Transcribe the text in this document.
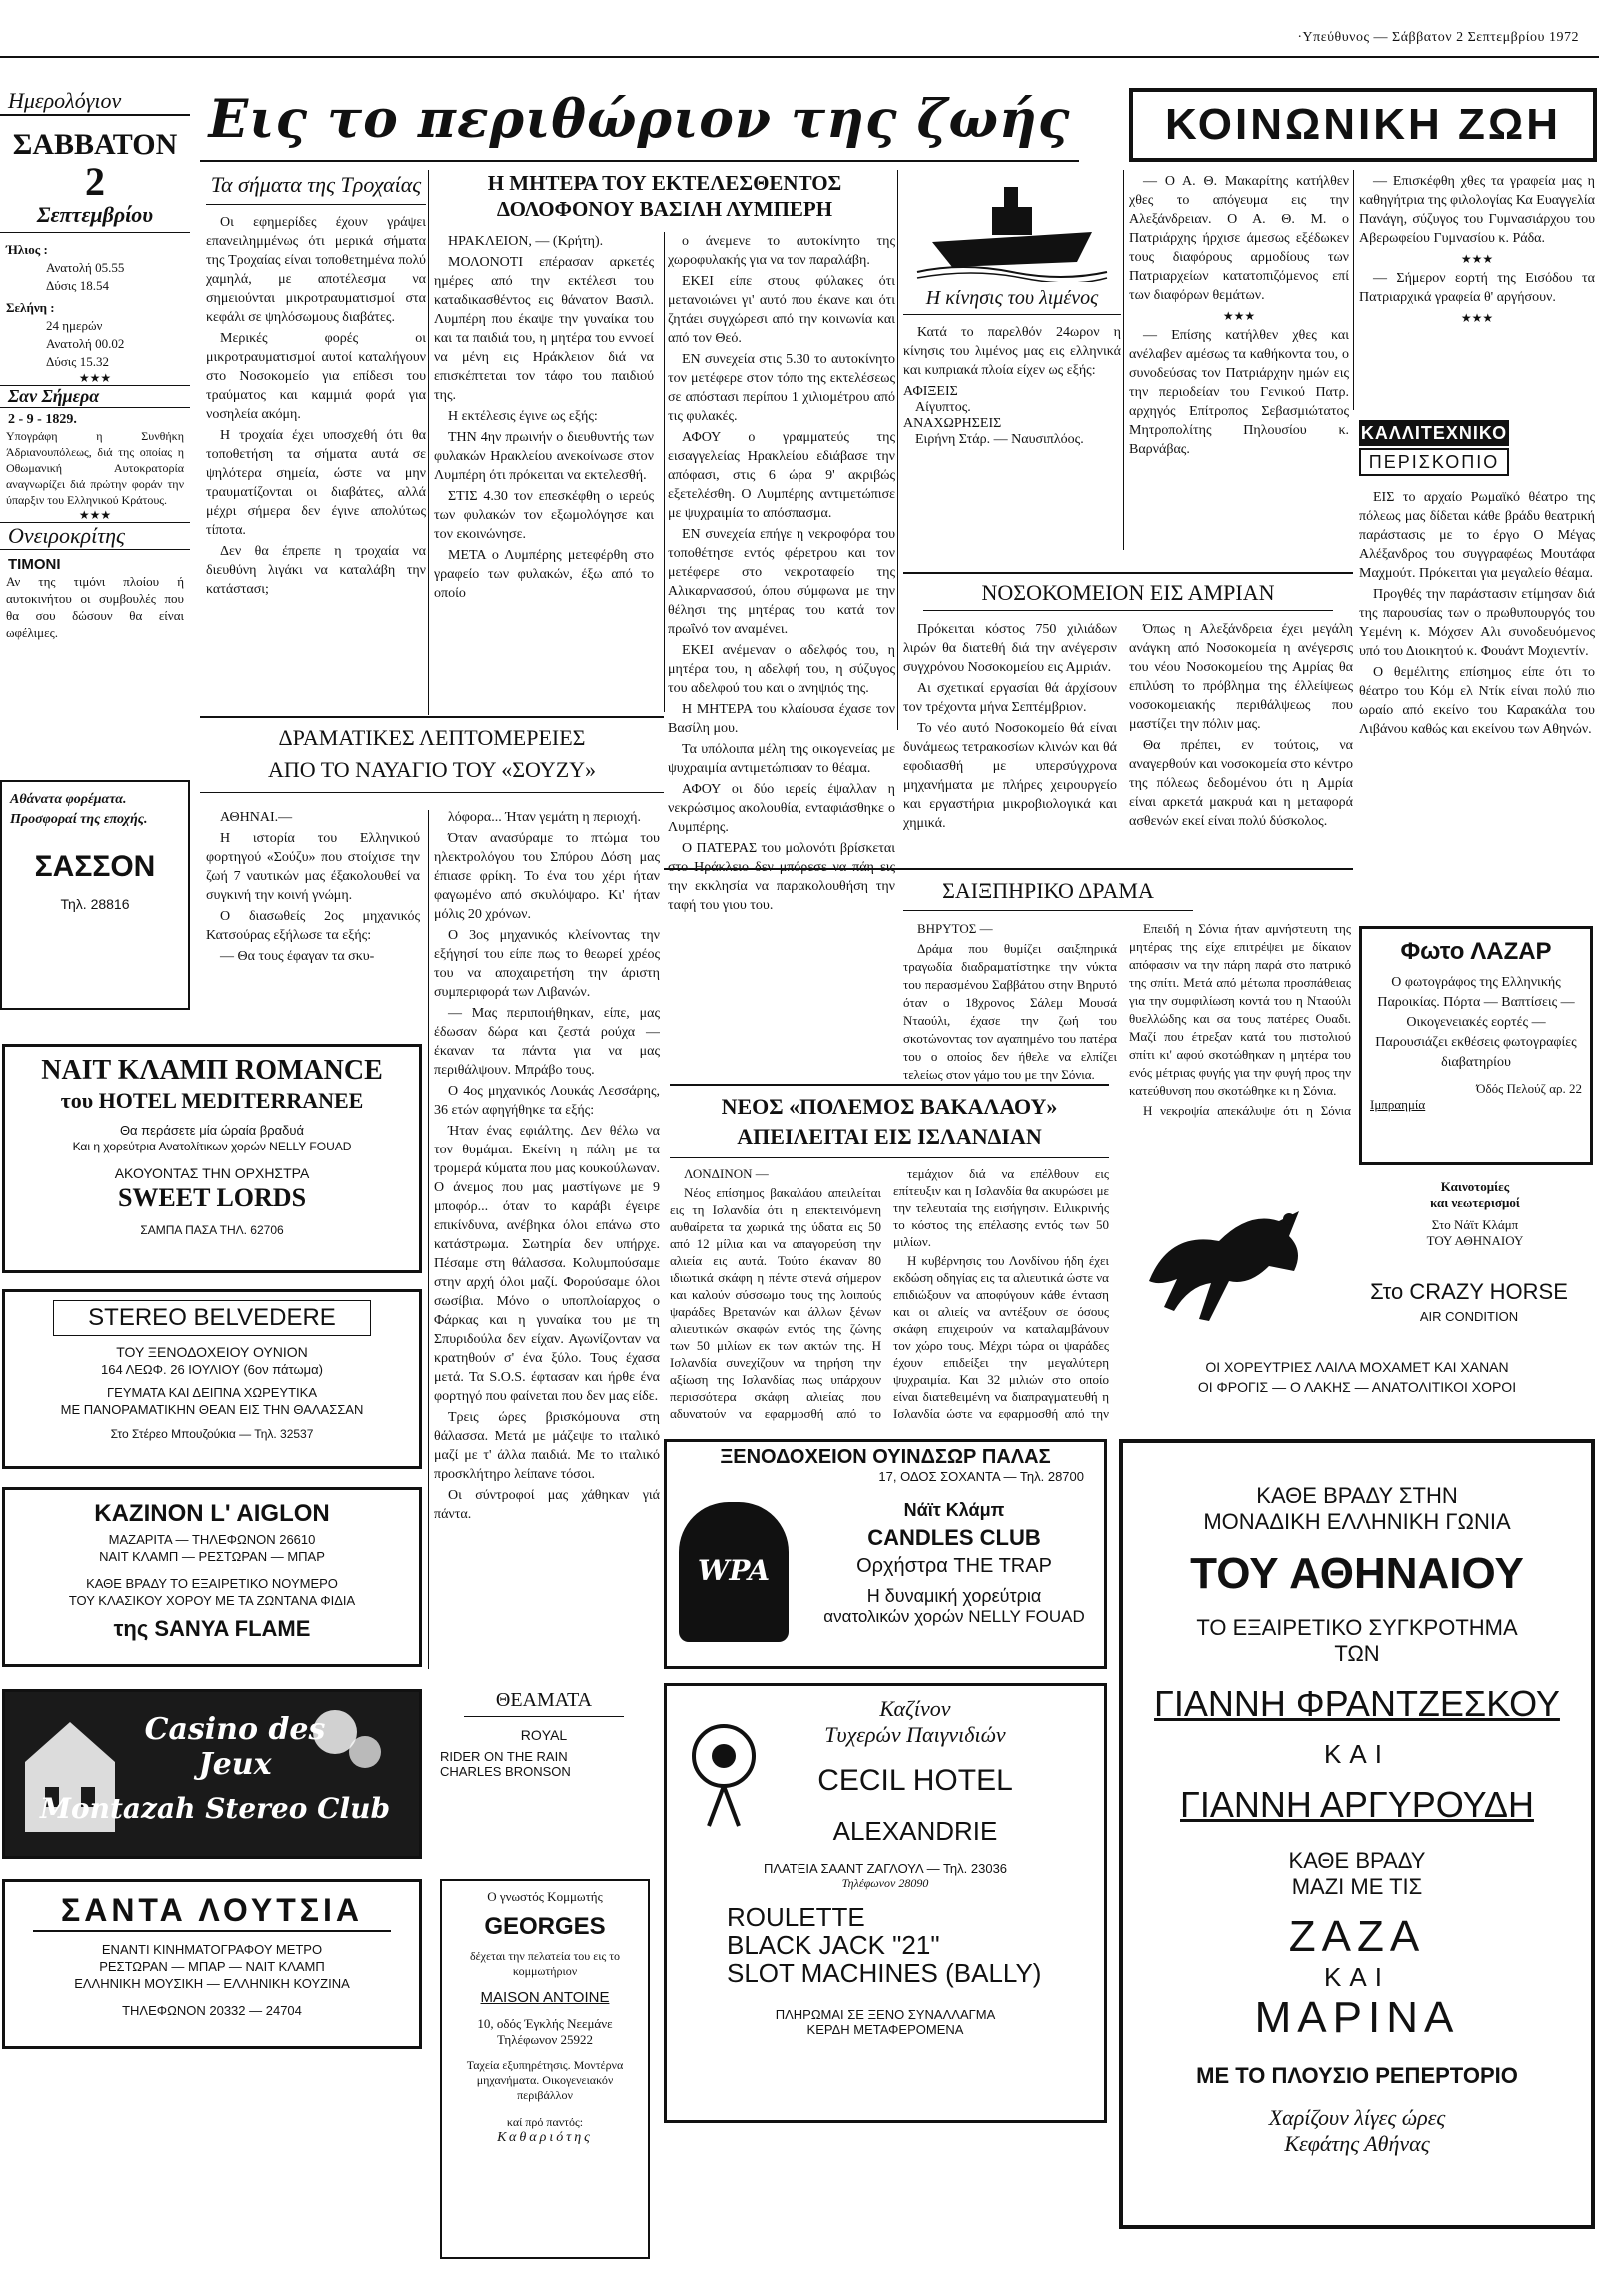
·Υπεύθυνος — Σάββατον 2 Σεπτεμβρίου 1972
Ημερολόγιον
ΣΑΒΒΑΤΟΝ
2
Σεπτεμβρίου
Ήλιος :
Ανατολή 05.55
Δύσις 18.54
Σελήνη :
24 ημερών
Ανατολή 00.02
Δύσις 15.32
★★★
Σαν Σήμερα
2 - 9 - 1829.
Υπογράφη η Συνθήκη Άδριανουπόλεως, διά της οποίας η Οθωμανική Αυτοκρατορία αναγνωρίζει διά πρώτην φοράν την ύπαρξιν του Ελληνικού Κράτους.
★★★
Ονειροκρίτης
ΤΙΜΟΝΙ
Αν της τιμόνι πλοίου ή αυτοκινήτου οι συμβουλές που θα σου δώσουν θα είναι ωφέλιμες.
Αθάνατα φορέματα. Προσφοραί της εποχής.
ΣΑΣΣΟΝ
Τηλ. 28816
Εις το περιθώριον της ζωής	ΚΟΙΝΩΝΙΚΗ ΖΩΗ
Τα σήματα της Τροχαίας

Οι εφημερίδες έχουν γράψει επανειλημμένως ότι μερικά σήματα της Τροχαίας είναι τοποθετημένα πολύ χαμηλά, με αποτέλεσμα να σημειούνται μικροτραυματισμοί στα κεφάλι σε ψηλόσωμους διαβάτες.

Μερικές φορές οι μικροτραυματισμοί αυτοί καταλήγουν στο Νοσοκομείο για επίδεσι του τραύματος και καμμιά φορά για νοσηλεία ακόμη.

Η τροχαία έχει υποσχεθή ότι θα τοποθετήση τα σήματα αυτά σε ψηλότερα σημεία, ώστε να μην τραυματίζονται οι διαβάτες, αλλά μέχρι σήμερα δεν έγινε απολύτως τίποτα.

Δεν θα έπρεπε η τροχαία να διευθύνη λιγάκι να καταλάβη την κατάστασι;

Η ΜΗΤΕΡΑ ΤΟΥ ΕΚΤΕΛΕΣΘΕΝΤΟΣ ΔΟΛΟΦΟΝΟΥ ΒΑΣΙΛΗ ΛΥΜΠΕΡΗ

ΗΡΑΚΛΕΙΟΝ, — (Κρήτη).

ΜΟΛΟΝΟΤΙ επέρασαν αρκετές ημέρες από την εκτέλεσι του καταδικασθέντος εις θάνατον Βασιλ. Λυμπέρη που έκαψε την γυναίκα του και τα παιδιά του, η μητέρα του εννοεί να μένη εις Ηράκλειον διά να επισκέπτεται τον τάφο του παιδιού της.

Η εκτέλεσις έγινε ως εξής:

ΤΗΝ 4ην πρωινήν ο διευθυντής των φυλακών Ηρακλείου ανεκοίνωσε στον Λυμπέρη ότι πρόκειται να εκτελεσθή.

ΣΤΙΣ 4.30 τον επεσκέφθη ο ιερεύς των φυλακών τον εξωμολόγησε και τον εκοινώνησε.

ΜΕΤΑ ο Λυμπέρης μετεφέρθη στο γραφείο των φυλακών, έξω από το οποίο

ο άνεμενε το αυτοκίνητο της χωροφυλακής για να τον παραλάβη.

ΕΚΕΙ είπε στους φύλακες ότι μετανοιώνει γι' αυτό που έκανε και ότι ζητάει συγχώρεσι από την κοινωνία και από τον Θεό.

ΕΝ συνεχεία στις 5.30 το αυτοκίνητο τον μετέφερε στον τόπο της εκτελέσεως σε απόστασι περίπου 1 χιλιομέτρου από τις φυλακές.

ΑΦΟΥ ο γραμματεύς της εισαγγελείας Ηρακλείου εδιάβασε την απόφασι, στις 6 ώρα 9' ακριβώς εξετελέσθη. Ο Λυμπέρης αντιμετώπισε με ψυχραιμία το απόσπασμα.

ΕΝ συνεχεία επήγε η νεκροφόρα του τοποθέτησε εντός φέρετρου και τον μετέφερε στο νεκροταφείο της Αλικαρνασσού, όπου σύμφωνα με την θέλησι της μητέρας του κατά τον πρωΐνό τον αναμένει.

ΕΚΕΙ ανέμεναν ο αδελφός του, η μητέρα του, η αδελφή του, η σύζυγος του αδελφού του και ο ανηψιός της.

Η ΜΗΤΕΡΑ του κλαίουσα έχασε τον Βασίλη μου.

Τα υπόλοιπα μέλη της οικογενείας με ψυχραιμία αντιμετώπισαν το θέαμα.

ΑΦΟΥ οι δύο ιερείς έψαλλαν η νεκρώσιμος ακολουθία, ενταφιάσθηκε ο Λυμπέρης.

Ο ΠΑΤΕΡΑΣ του μολονότι βρίσκεται την εκκλησία να παρακολουθήση την ταφή του γιου του.

ΔΡΑΜΑΤΙΚΕΣ ΛΕΠΤΟΜΕΡΕΙΕΣ
ΑΠΟ ΤΟ ΝΑΥΑΓΙΟ ΤΟΥ «ΣΟΥΖΥ»

ΑΘΗΝΑΙ.—

Η ιστορία του Ελληνικού φορτηγού «Σούζυ» που στοίχισε την ζωή 7 ναυτικών μας έξακολουθεί να συγκινή την κοινή γνώμη.

Ο διασωθείς 2ος μηχανικός Κατσούρας εξήλωσε τα εξής:

— Θα τους έφαγαν τα σκυ-

λόφορα... Ήταν γεμάτη η περιοχή.

Όταν ανασύραμε το πτώμα του ηλεκτρολόγου του Σπύρου Δόση μας έπιασε φρίκη. Το ένα του χέρι ήταν φαγωμένο από σκυλόψαρο. Κι' ήταν μόλις 20 χρόνων.

Ο 3ος μηχανικός κλείνοντας την εξήγησί του είπε πως το θεωρεί χρέος του να αποχαιρετήση την άριστη συμπεριφορά των Λιβανών.

— Μας περιποιήθηκαν, είπε, μας έδωσαν δώρα και ζεστά ρούχα — έκαναν τα πάντα για να μας περιθάλψουν. Μπράβο τους.

Ο 4ος μηχανικός Λουκάς Λεσσάρης, 36 ετών αφηγήθηκε τα εξής:

Ήταν ένας εφιάλτης. Δεν θέλω να τον θυμάμαι. Εκείνη η πάλη με τα τρομερά κύματα που μας κουκούλωναν. Ο άνεμος που μας μαστίγωνε με 9 μποφόρ... όταν το καράβι έγειρε επικίνδυνα, ανέβηκα όλοι επάνω στο κατάστρωμα. Σωτηρία δεν υπήρχε. Πέσαμε στη θάλασσα. Κολυμπούσαμε στην αρχή όλοι μαζί. Φορούσαμε όλοι σωσίβια. Μόνο ο υποπλοίαρχος ο Φάρκας και η γυναίκα του με τη Σπυριδούλα δεν είχαν. Αγωνίζονταν να κρατηθούν σ' ένα ξύλο. Τους έχασα μετά. Τα S.O.S. έφτασαν και ήρθε ένα φορτηγό που φαίνεται που δεν μας είδε.

Τρεις ώρες βρισκόμουνα στη θάλασσα. Μετά με μάζεψε το ιταλικό μαζί με τ' άλλα παιδιά. Με το ιταλικό προσκλήτηρο λείπανε τόσοι.

Οι σύντροφοί μας χάθηκαν γιά πάντα.

ΝΑΙΤ ΚΛΑΜΠ ROMANCE
του HOTEL MEDITERRANEE
Θα περάσετε μία ώραία βραδυά
Και η χορεύτρια Ανατολίτικων χορών NELLY FOUAD
ΑΚΟΥΟΝΤΑΣ ΤΗΝ ΟΡΧΗΣΤΡΑ
SWEET LORDS
ΣΑΜΠΑ ΠΑΣΑ ΤΗΛ. 62706
STEREO BELVEDERE
ΤΟΥ ΞΕΝΟΔΟΧΕΙΟΥ ΟΥΝΙΟΝ
164 ΛΕΩΦ. 26 ΙΟΥΛΙΟΥ (6ον πάτωμα)
ΓΕΥΜΑΤΑ ΚΑΙ ΔΕΙΠΝΑ ΧΩΡΕΥΤΙΚΑ
ΜΕ ΠΑΝΟΡΑΜΑΤΙΚΗΝ ΘΕΑΝ ΕΙΣ ΤΗΝ ΘΑΛΑΣΣΑΝ
Στο Στέρεο Μπουζούκια — Τηλ. 32537
ΚΑΖΙΝΟΝ L' AIGLON
ΜΑΖΑΡΙΤΑ — ΤΗΛΕΦΩΝΟΝ 26610
ΝΑΙΤ ΚΛΑΜΠ — ΡΕΣΤΩΡΑΝ — ΜΠΑΡ
ΚΑΘΕ ΒΡΑΔΥ ΤΟ ΕΞΑΙΡΕΤΙΚΟ ΝΟΥΜΕΡΟ
ΤΟΥ ΚΛΑΣΙΚΟΥ ΧΟΡΟΥ ΜΕ ΤΑ ΖΩΝΤΑΝΑ ΦΙΔΙΑ
της SANYA FLAME
Casino des Jeux
Montazah Stereo Club
ΣΑΝΤΑ ΛΟΥΤΣΙΑ
ΕΝΑΝΤΙ ΚΙΝΗΜΑΤΟΓΡΑΦΟΥ ΜΕΤΡΟ
ΡΕΣΤΩΡΑΝ — ΜΠΑΡ — ΝΑΙΤ ΚΛΑΜΠ
ΕΛΛΗΝΙΚΗ ΜΟΥΣΙΚΗ — ΕΛΛΗΝΙΚΗ ΚΟΥΖΙΝΑ
ΤΗΛΕΦΩΝΟΝ 20332 — 24704
ΘΕΑΜΑΤΑ
ROYAL
RIDER ON THE RAIN
CHARLES BRONSON
Ο γνωστός Κομμωτής
GEORGES
δέχεται την πελατεία του εις το κομμωτήριον
MAISON ANTOINE
10, οδός Έγκλής Νεεμάνε
Τηλέφωνον 25922
Ταχεία εξυπηρέτησις. Μοντέρνα μηχανήματα. Οικογενειακόν περιβάλλον
καί πρό παντός:
Καθαριότης
Η κίνησις του λιμένος
Κατά το παρελθόν 24ωρον η κίνησις του λιμένος μας εις ελληνικά και κυπριακά πλοία είχεν ως εξής:
ΑΦΙΞΕΙΣ
Αίγυπτος.
ΑΝΑΧΩΡΗΣΕΙΣ
Ειρήνη Στάρ. — Ναυσιπλόος.

— Ο Α. Θ. Μακαρίτης κατήλθεν χθες το απόγευμα εις την Αλεξάνδρειαν. Ο Α. Θ. Μ. ο Πατριάρχης ήρχισε άμεσως εξέδωκεν τους διαφόρους αρμοδίους των Πατριαρχείων κατατοπιζόμενος επί των διαφόρων θεμάτων.

★★★

— Επίσης κατήλθεν χθες και ανέλαβεν αμέσως τα καθήκοντα του, ο συνοδεύσας τον Πατριάρχην ημών εις την περιοδείαν του Γενικού Πατρ. αρχηγός Επίτροπος Σεβασμιώτατος Μητροπολίτης Πηλουσίου κ. Βαρνάβας.

— Επισκέφθη χθες τα γραφεία μας η καθηγήτρια της φιλολογίας Κα Ευαγγελία Πανάγη, σύζυγος του Γυμνασιάρχου του Αβερωφείου Γυμνασίου κ. Ράδα.

★★★

— Σήμερον εορτή της Εισόδου τα Πατριαρχικά γραφεία θ' αργήσουν.

★★★
ΚΑΛΛΙΤΕΧΝΙΚΟ
ΠΕΡΙΣΚΟΠΙΟ

ΕΙΣ το αρχαίο Ρωμαϊκό θέατρο της πόλεως μας δίδεται κάθε βράδυ θεατρική παράστασις με το έργο Ο Μέγας Αλέξανδρος του συγγραφέως Μουτάφα Μαχμούτ. Πρόκειται για μεγαλείο θέαμα.

Προγθές την παράστασιν ετίμησαν διά της παρουσίας των ο πρωθυπουργός του Υεμένη κ. Μόχσεν Αλι συνοδευόμενος υπό του Διοικητού κ. Φουάντ Μοχιεντίν.

Ο θεμέλιτης επίσημος είπε ότι το θέατρο του Κόμ ελ Ντίκ είναι πολύ πιο ωραίο από εκείνο του Καρακάλα του Λιβάνου καθώς και εκείνου των Αθηνών.

ΝΟΣΟΚΟΜΕΙΟΝ ΕΙΣ ΑΜΡΙΑΝ

Πρόκειται κόστος 750 χιλιάδων λιρών θα διατεθή διά την ανέγερσιν συγχρόνου Νοσοκομείου εις Αμριάν.

Αι σχετικαί εργασίαι θά άρχίσουν τον τρέχοντα μήνα Σεπτέμβριον.

Το νέο αυτό Νοσοκομείο θά είναι δυνάμεως τετρακοσίων κλινών και θά εφοδιασθή με υπερσύγχρονα μηχανήματα με πλήρες χειρουργείο και εργαστήρια μικροβιολογικά και χημικά.

Όπως η Αλεξάνδρεια έχει μεγάλη ανάγκη από Νοσοκομεία η ανέγερσις του νέου Νοσοκομείου της Αμρίας θα επιλύση το πρόβλημα της έλλείψεως νοσοκομειακής περιθάλψεως που μαστίζει την πόλιν μας.

Θα πρέπει, εν τούτοις, να αναγερθούν και νοσοκομεία στο κέντρο της πόλεως δεδομένου ότι η Αμρία είναι αρκετά μακρυά και η μεταφορά ασθενών εκεί είναι πολύ δύσκολος.

ΣΑΙΞΠΗΡΙΚΟ ΔΡΑΜΑ

ΒΗΡΥΤΟΣ —

Δράμα που θυμίζει σαιξπηρικά τραγωδία διαδραματίστηκε την νύκτα του περασμένου Σαββάτου στην Βηρυτό όταν ο 18χρονος Σάλεμ Μουσά Νταούλι, έχασε την ζωή του σκοτώνοντας τον αγαπημένο του πατέρα του ο οποίος δεν ήθελε να ελπίζει τελείως στον γάμο του με την Σόνια.

Επειδή η Σόνια ήταν αμνήστευτη της μητέρας της είχε επιτρέψει με δίκαιον απόφασιν να την πάρη παρά στο πατρικό της σπίτι. Μετά από μέτωπα προσπάθειας για την συμφιλίωση κοντά του η Νταούλι θυελλώδης και σα τους πατέρες Ουαδι. Μαζί που έτρεξαν κατά του πιστολιού σπίτι κι' αφού σκοτώθηκαν η μητέρα του ενός μέτριας φυγής για την φυγή προς την κατεύθυνση που σκοτώθηκε κι η Σόνια.

Η νεκροψία απεκάλυψε ότι η Σόνια

ΝΕΟΣ «ΠΟΛΕΜΟΣ ΒΑΚΑΛΑΟΥ»
ΑΠΕΙΛΕΙΤΑΙ ΕΙΣ ΙΣΛΑΝΔΙΑΝ

ΛΟΝΔΙΝΟΝ —

Νέος επίσημος βακαλάου απειλείται εις τη Ισλανδία ότι η επεκτεινόμενη αυθαίρετα τα χωρικά της ύδατα εις 50 από 12 μίλια και να απαγορεύση την αλιεία εις αυτά. Τούτο έκαναν 80 ιδιωτικά σκάφη η πέντε στενά σήμερον και καλούν σύσσωμο τους της λοιπούς ψαράδες Βρετανών και άλλων ξένων αλιευτικών σκαφών εντός της ζώνης των 50 μιλίων εκ των ακτών της. Η Ισλανδία συνεχίζουν να τηρήση την αξίωση της Ισλανδίας πως υπάρχουν περισσότερα σκάφη αλιείας που αδυνατούν να εφαρμοσθή από το

τεμάχιον διά να επέλθουν εις επίτευξιν και η Ισλανδία θα ακυρώσει με την τελευταία της εισήγησιν. Ειλικρινής το κόστος της επέλασης εντός των 50 μιλίων.

Η κυβέρνησις του Λονδίνου ήδη έχει εκδώση οδηγίας εις τα αλιευτικά ώστε να επιδιώξουν να αποφύγουν κάθε ένταση και οι αλιείς να αντέξουν σε όσους σκάφη επιχειρούν να καταλαμβάνουν τον χώρο τους. Μέχρι τώρα οι ψαράδες έχουν επιδείξει την μεγαλύτερη ψυχραιμία. Και 32 μιλιών στο οποίο είναι διατεθειμένη να διαπραγματευθή η Ισλανδία ώστε να εφαρμοσθή από την

ΞΕΝΟΔΟΧΕΙΟΝ ΟΥΙΝΔΣΩΡ ΠΑΛΑΣ
17, ΟΔΟΣ ΣΟΧΑΝΤΑ — Τηλ. 28700
WPA
Νάϊτ Κλάμπ
CANDLES CLUB
Ορχήστρα THE TRAP
Η δυναμική χορεύτρια
ανατολικών χορών NELLY FOUAD
Καζίνον
Τυχερών Παιγνιδιών
CECIL HOTEL
ALEXANDRIE
ΠΛΑΤΕΙΑ ΣΑΑΝΤ ΖΑΓΛΟΥΛ — Τηλ. 23036
Τηλέφωνον 28090
ROULETTE
BLACK JACK "21"
SLOT MACHINES (BALLY)
ΠΛΗΡΩΜΑΙ ΣΕ ΞΕΝΟ ΣΥΝΑΛΛΑΓΜΑ
ΚΕΡΔΗ ΜΕΤΑΦΕΡΟΜΕΝΑ
Φωτο ΛΑΖΑΡ
Ο φωτογράφος της Ελληνικής Παροικίας. Πόρτα — Βαπτίσεις — Οικογενειακές εορτές — Παρουσιάζει εκθέσεις φωτογραφίες διαβατηρίου
Όδός Πελούζ αρ. 22
Ιμπραημία
Καινοτομίες
και νεωτερισμοί
Στο Νάϊτ Κλάμπ
ΤΟΥ ΑΘΗΝΑΙΟΥ
Στο CRAZY HORSE
AIR CONDITION
ΟΙ ΧΟΡΕΥΤΡΙΕΣ ΛΑΙΛΑ ΜΟΧΑΜΕΤ ΚΑΙ ΧΑΝΑΝ
ΟΙ ΦΡΟΓΙΣ — Ο ΛΑΚΗΣ — ΑΝΑΤΟΛΙΤΙΚΟΙ ΧΟΡΟΙ
ΚΑΘΕ ΒΡΑΔΥ ΣΤΗΝ
ΜΟΝΑΔΙΚΗ ΕΛΛΗΝΙΚΗ ΓΩΝΙΑ
ΤΟΥ ΑΘΗΝΑΙΟΥ
ΤΟ ΕΞΑΙΡΕΤΙΚΟ ΣΥΓΚΡΟΤΗΜΑ
ΤΩΝ
ΓΙΑΝΝΗ ΦΡΑΝΤΖΕΣΚΟΥ
ΚΑΙ
ΓΙΑΝΝΗ ΑΡΓΥΡΟΥΔΗ
ΚΑΘΕ ΒΡΑΔΥ
ΜΑΖΙ ΜΕ ΤΙΣ
ΖΑΖΑ
ΚΑΙ
ΜΑΡΙΝΑ
ΜΕ ΤΟ ΠΛΟΥΣΙΟ ΡΕΠΕΡΤΟΡΙΟ
Χαρίζουν λίγες ώρες
Κεφάτης Αθήνας
